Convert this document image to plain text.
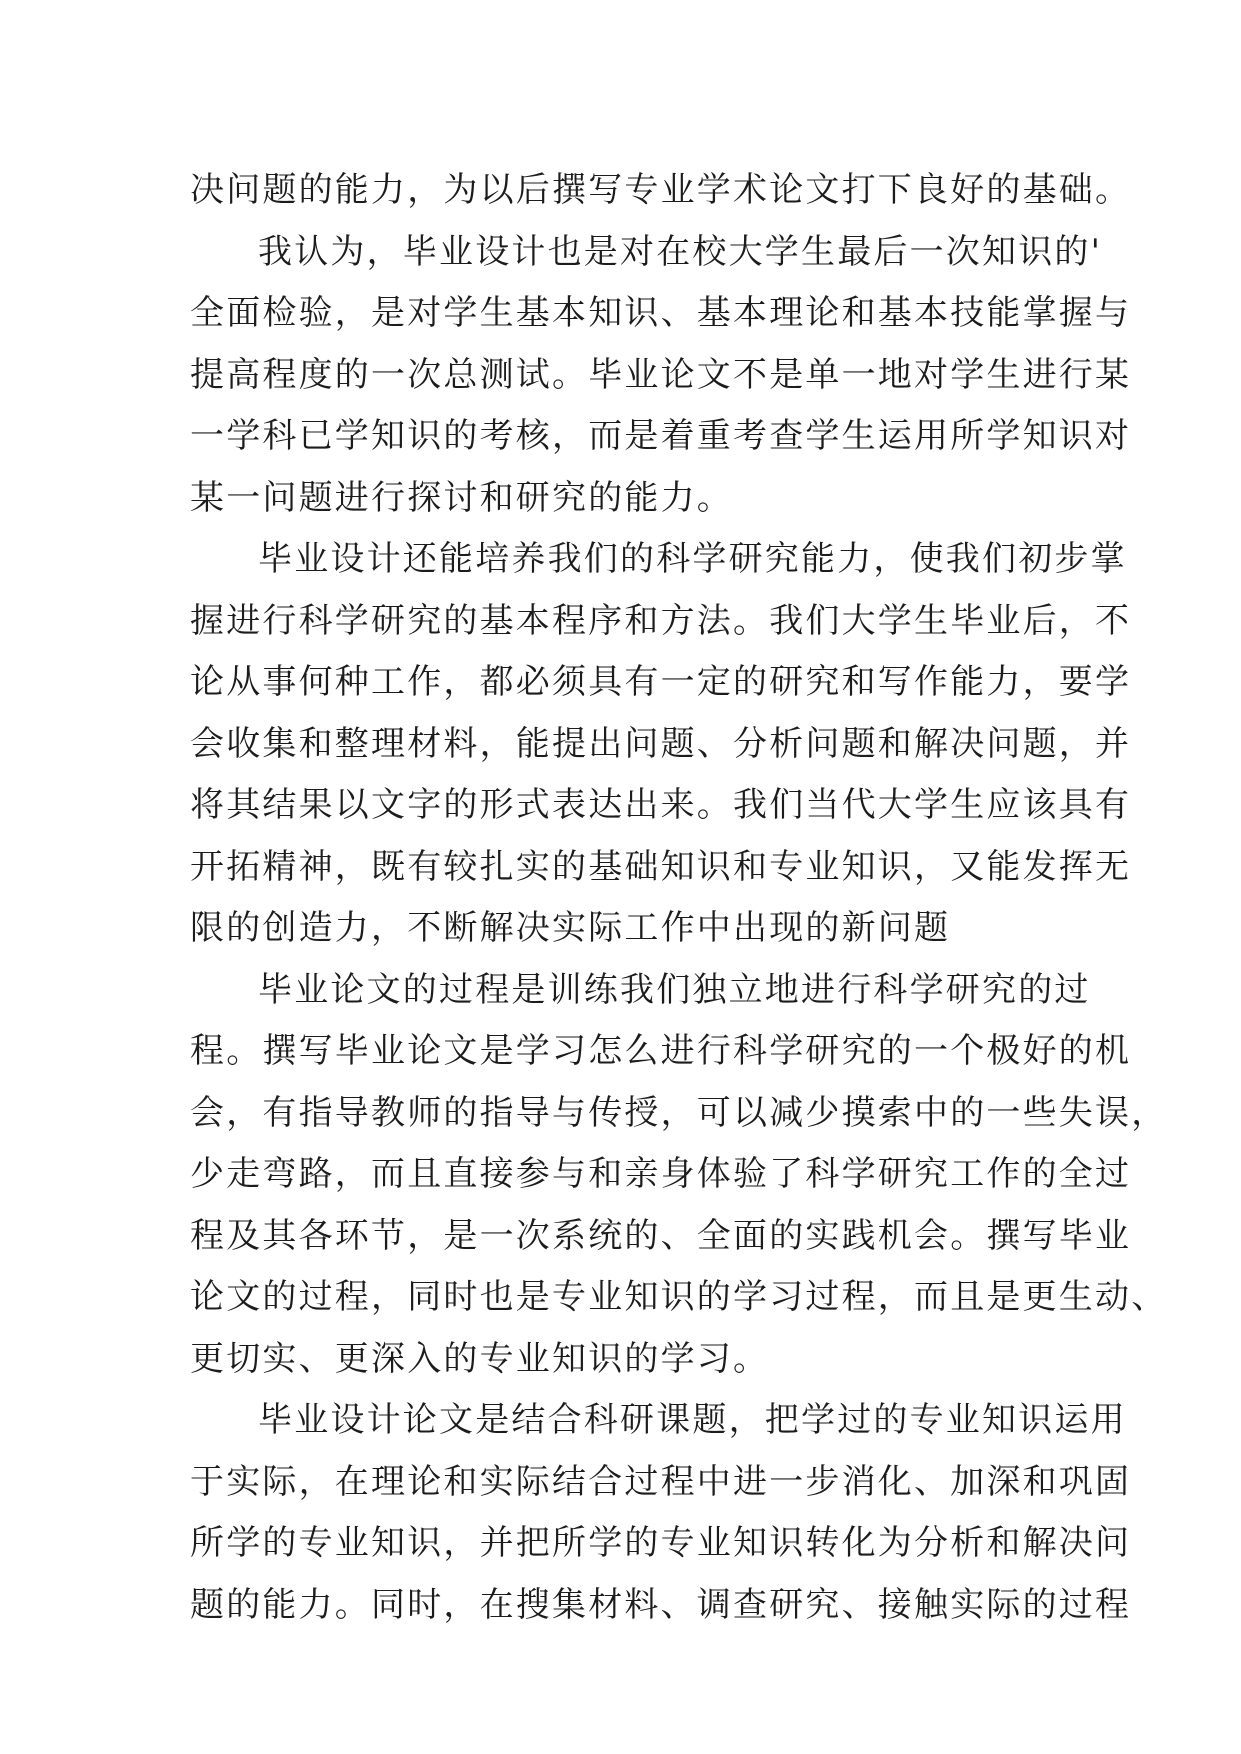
决问题的能力，为以后撰写专业学术论文打下良好的基础。
我认为，毕业设计也是对在校大学生最后一次知识的'
全面检验，是对学生基本知识、基本理论和基本技能掌握与
提高程度的一次总测试。毕业论文不是单一地对学生进行某
一学科已学知识的考核，而是着重考查学生运用所学知识对
某一问题进行探讨和研究的能力。
毕业设计还能培养我们的科学研究能力，使我们初步掌
握进行科学研究的基本程序和方法。我们大学生毕业后，不
论从事何种工作，都必须具有一定的研究和写作能力，要学
会收集和整理材料，能提出问题、分析问题和解决问题，并
将其结果以文字的形式表达出来。我们当代大学生应该具有
开拓精神，既有较扎实的基础知识和专业知识，又能发挥无
限的创造力，不断解决实际工作中出现的新问题
毕业论文的过程是训练我们独立地进行科学研究的过
程。撰写毕业论文是学习怎么进行科学研究的一个极好的机
会，有指导教师的指导与传授，可以减少摸索中的一些失误，
少走弯路，而且直接参与和亲身体验了科学研究工作的全过
程及其各环节，是一次系统的、全面的实践机会。撰写毕业
论文的过程，同时也是专业知识的学习过程，而且是更生动、
更切实、更深入的专业知识的学习。
毕业设计论文是结合科研课题，把学过的专业知识运用
于实际，在理论和实际结合过程中进一步消化、加深和巩固
所学的专业知识，并把所学的专业知识转化为分析和解决问
题的能力。同时，在搜集材料、调查研究、接触实际的过程
